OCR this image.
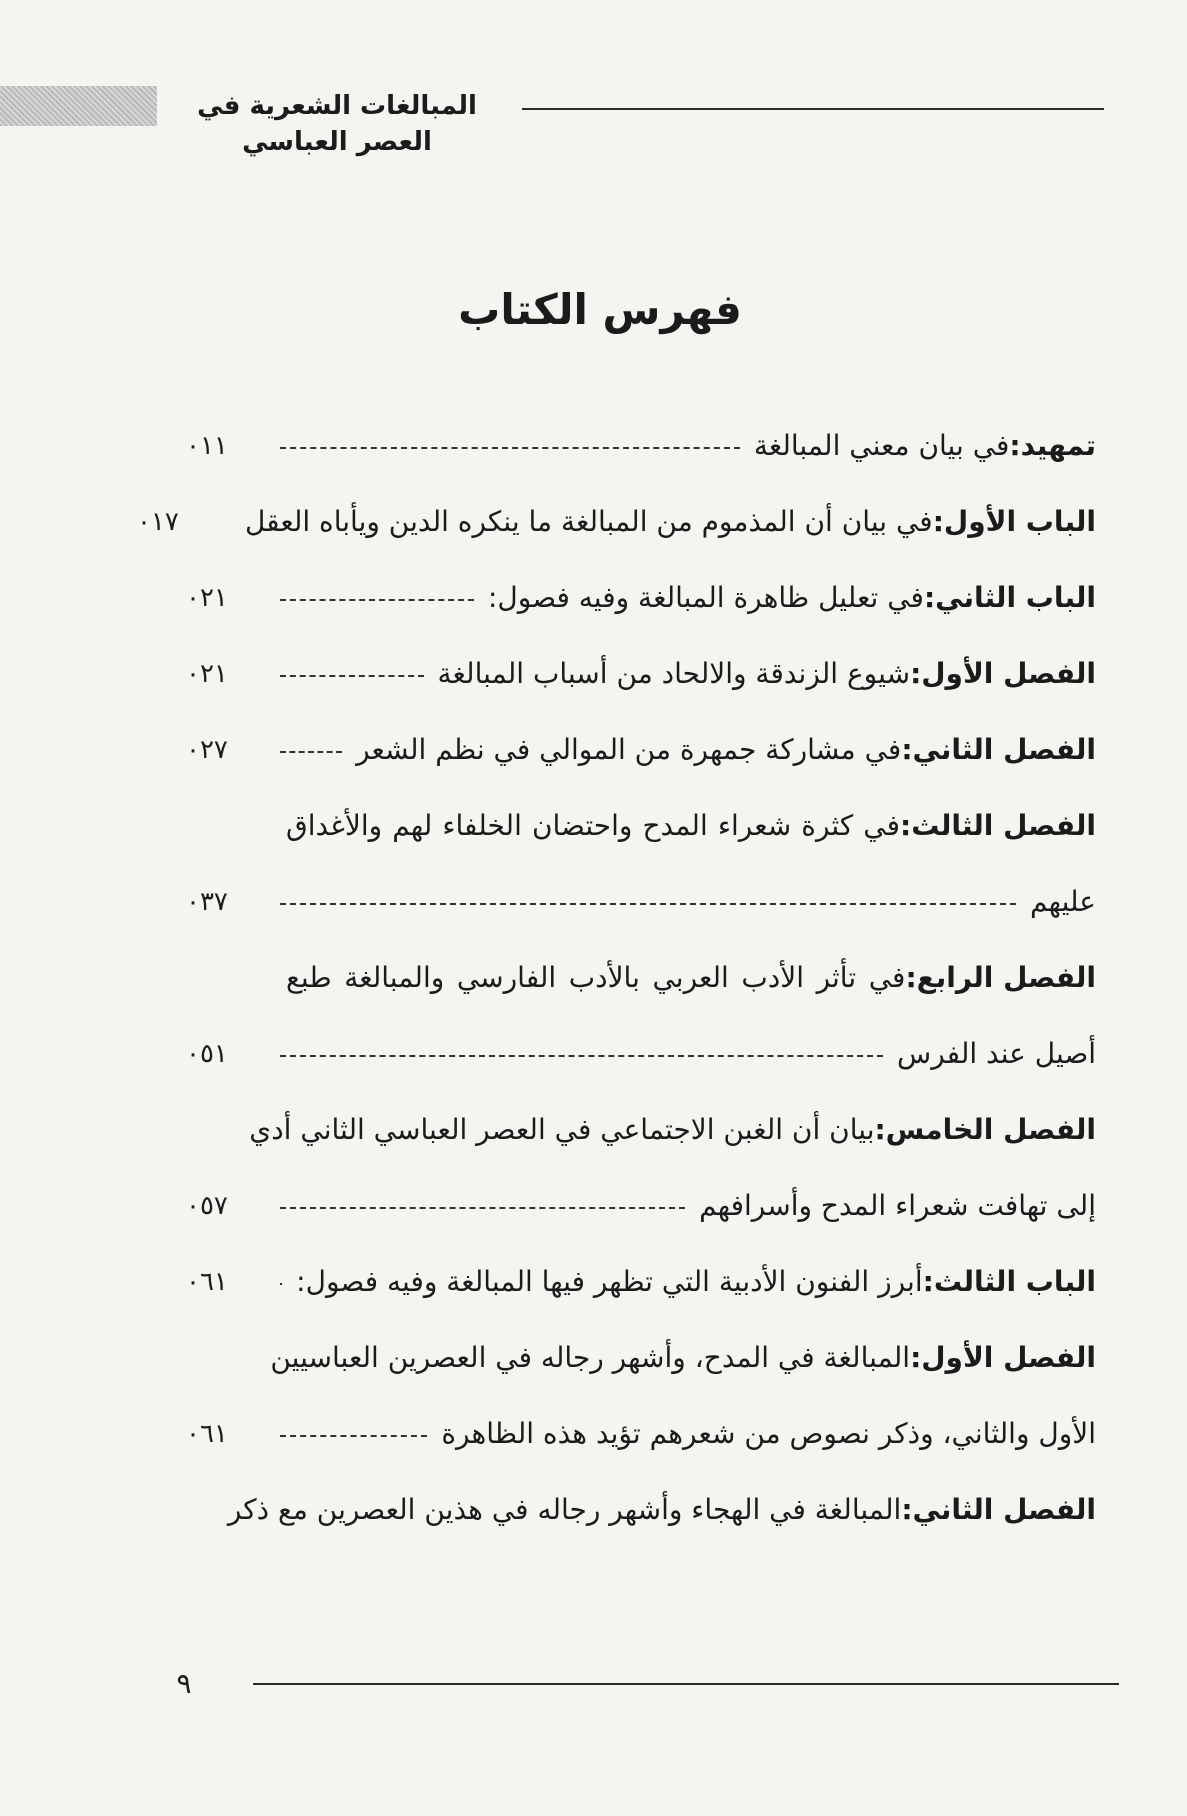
المبالغات الشعرية في العصر العباسي
فهرس الكتاب
تمهيد:
في بيان معني المبالغة
٠١١
الباب الأول:
في بيان أن المذموم من المبالغة ما ينكره الدين ويأباه العقل
٠١٧
الباب الثاني:
في تعليل ظاهرة المبالغة وفيه فصول:
٠٢١
الفصل الأول:
شيوع الزندقة والالحاد من أسباب المبالغة
٠٢١
الفصل الثاني:
في مشاركة جمهرة من الموالي في نظم الشعر
٠٢٧
الفصل الثالث:
في كثرة شعراء المدح واحتضان الخلفاء لهم والأغداق
عليهم
٠٣٧
الفصل الرابع:
في تأثر الأدب العربي بالأدب الفارسي والمبالغة طبع
أصيل عند الفرس
٠٥١
الفصل الخامس:
بيان أن الغبن الاجتماعي في العصر العباسي الثاني أدي
إلى تهافت شعراء المدح وأسرافهم
٠٥٧
الباب الثالث:
أبرز الفنون الأدبية التي تظهر فيها المبالغة وفيه فصول:
٠٦١
الفصل الأول:
المبالغة في المدح، وأشهر رجاله في العصرين العباسيين
الأول والثاني، وذكر نصوص من شعرهم تؤيد هذه الظاهرة
٠٦١
الفصل الثاني:
المبالغة في الهجاء وأشهر رجاله في هذين العصرين مع ذكر
٩
